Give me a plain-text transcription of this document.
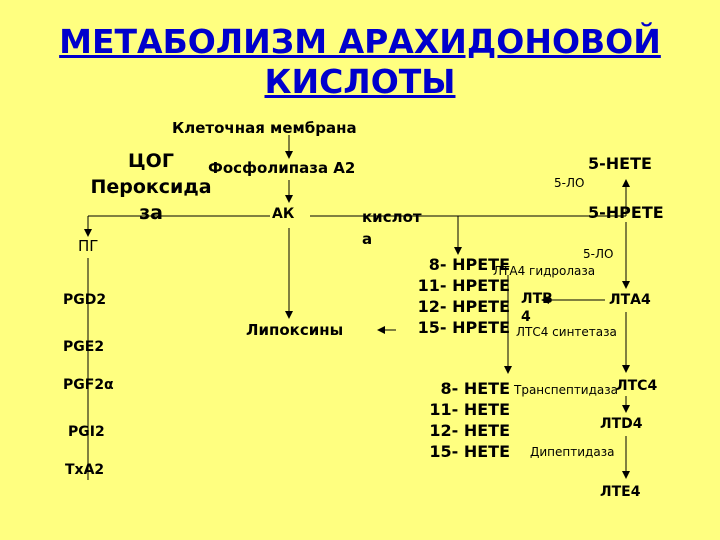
МЕТАБОЛИЗМ АРАХИДОНОВОЙ
КИСЛОТЫ
Клеточная мембрана
Фосфолипаза А2
ЦОГ
Пероксида
за	АК	кислот
а
ПГ
PGD2
PGE2
PGF2α
PGI2
TxA2
Липоксины
8- НРЕТЕ
11- НРЕТЕ
12- НРЕТЕ
15- НРЕТЕ
8- НЕТЕ
11- НЕТЕ
12- НЕТЕ
15- НЕТЕ
5-НЕТЕ
5-ЛО
5-НРЕТЕ
5-ЛО
ЛТА4 гидролаза
ЛТВ
4
ЛТА4
ЛТС4 синтетаза
ЛТС4
Транспептидаза
ЛТD4
Дипептидаза
ЛТЕ4
